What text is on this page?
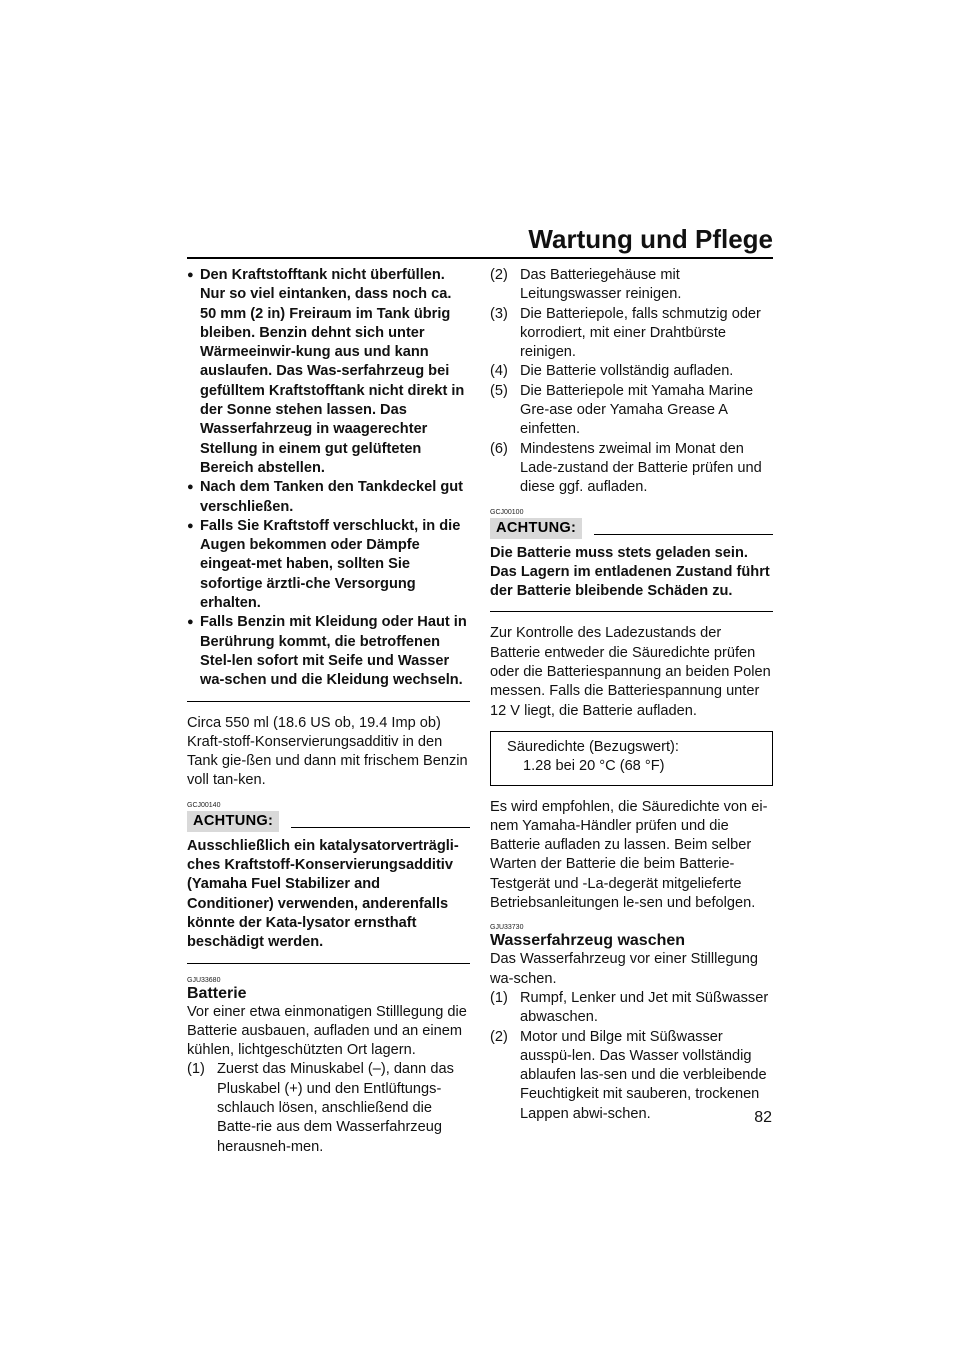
Wartung und Pflege
● Den Kraftstofftank nicht überfüllen. Nur so viel eintanken, dass noch ca. 50 mm (2 in) Freiraum im Tank übrig bleiben. Benzin dehnt sich unter Wärmeeinwir-kung aus und kann auslaufen. Das Was-serfahrzeug bei gefülltem Kraftstofftank nicht direkt in der Sonne stehen lassen. Das Wasserfahrzeug in waagerechter Stellung in einem gut gelüfteten Bereich abstellen.
● Nach dem Tanken den Tankdeckel gut verschließen.
● Falls Sie Kraftstoff verschluckt, in die Augen bekommen oder Dämpfe eingeat-met haben, sollten Sie sofortige ärztli-che Versorgung erhalten.
● Falls Benzin mit Kleidung oder Haut in Berührung kommt, die betroffenen Stel-len sofort mit Seife und Wasser wa-schen und die Kleidung wechseln.

Circa 550 ml (18.6 US ob, 19.4 Imp ob) Kraft-stoff-Konservierungsadditiv in den Tank gie-ßen und dann mit frischem Benzin voll tan-ken.

GCJ00140
ACHTUNG:

Ausschließlich ein katalysatorverträgli-ches Kraftstoff-Konservierungsadditiv (Yamaha Fuel Stabilizer and Conditioner) verwenden, anderenfalls könnte der Kata-lysator ernsthaft beschädigt werden.

GJU33680
Batterie

Vor einer etwa einmonatigen Stilllegung die Batterie ausbauen, aufladen und an einem kühlen, lichtgeschützten Ort lagern.

(1) Zuerst das Minuskabel (–), dann das Pluskabel (+) und den Entlüftungs-schlauch lösen, anschließend die Batte-rie aus dem Wasserfahrzeug herausneh-men.
(2) Das Batteriegehäuse mit Leitungswasser reinigen.
(3) Die Batteriepole, falls schmutzig oder korrodiert, mit einer Drahtbürste reinigen.
(4) Die Batterie vollständig aufladen.
(5) Die Batteriepole mit Yamaha Marine Gre-ase oder Yamaha Grease A einfetten.
(6) Mindestens zweimal im Monat den Lade-zustand der Batterie prüfen und diese ggf. aufladen.
GCJ00100
ACHTUNG:

Die Batterie muss stets geladen sein. Das Lagern im entladenen Zustand führt der Batterie bleibende Schäden zu.

Zur Kontrolle des Ladezustands der Batterie entweder die Säuredichte prüfen oder die Batteriespannung an beiden Polen messen. Falls die Batteriespannung unter 12 V liegt, die Batterie aufladen.

Säuredichte (Bezugswert):
1.28 bei 20 °C (68 °F)

Es wird empfohlen, die Säuredichte von ei-nem Yamaha-Händler prüfen und die Batterie aufladen zu lassen. Beim selber Warten der Batterie die beim Batterie-Testgerät und -La-degerät mitgelieferte Betriebsanleitungen le-sen und befolgen.

GJU33730
Wasserfahrzeug waschen

Das Wasserfahrzeug vor einer Stilllegung wa-schen.

(1) Rumpf, Lenker und Jet mit Süßwasser abwaschen.
(2) Motor und Bilge mit Süßwasser ausspü-len. Das Wasser vollständig ablaufen las-sen und die verbleibende Feuchtigkeit mit sauberen, trockenen Lappen abwi-schen.	82
